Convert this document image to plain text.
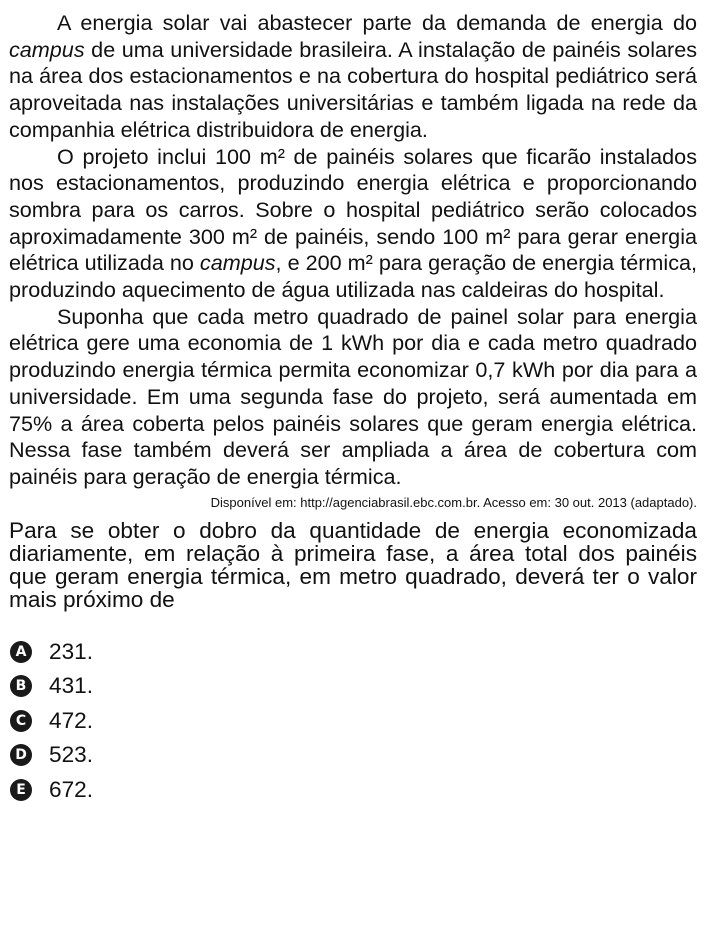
A energia solar vai abastecer parte da demanda de energia do campus de uma universidade brasileira. A instalação de painéis solares na área dos estacionamentos e na cobertura do hospital pediátrico será aproveitada nas instalações universitárias e também ligada na rede da companhia elétrica distribuidora de energia.

O projeto inclui 100 m² de painéis solares que ficarão instalados nos estacionamentos, produzindo energia elétrica e proporcionando sombra para os carros. Sobre o hospital pediátrico serão colocados aproximadamente 300 m² de painéis, sendo 100 m² para gerar energia elétrica utilizada no campus, e 200 m² para geração de energia térmica, produzindo aquecimento de água utilizada nas caldeiras do hospital.

Suponha que cada metro quadrado de painel solar para energia elétrica gere uma economia de 1 kWh por dia e cada metro quadrado produzindo energia térmica permita economizar 0,7 kWh por dia para a universidade. Em uma segunda fase do projeto, será aumentada em 75% a área coberta pelos painéis solares que geram energia elétrica. Nessa fase também deverá ser ampliada a área de cobertura com painéis para geração de energia térmica.

Disponível em: http://agenciabrasil.ebc.com.br. Acesso em: 30 out. 2013 (adaptado).

Para se obter o dobro da quantidade de energia economizada diariamente, em relação à primeira fase, a área total dos painéis que geram energia térmica, em metro quadrado, deverá ter o valor mais próximo de

A 231.
B 431.
C 472.
D 523.
E 672.
